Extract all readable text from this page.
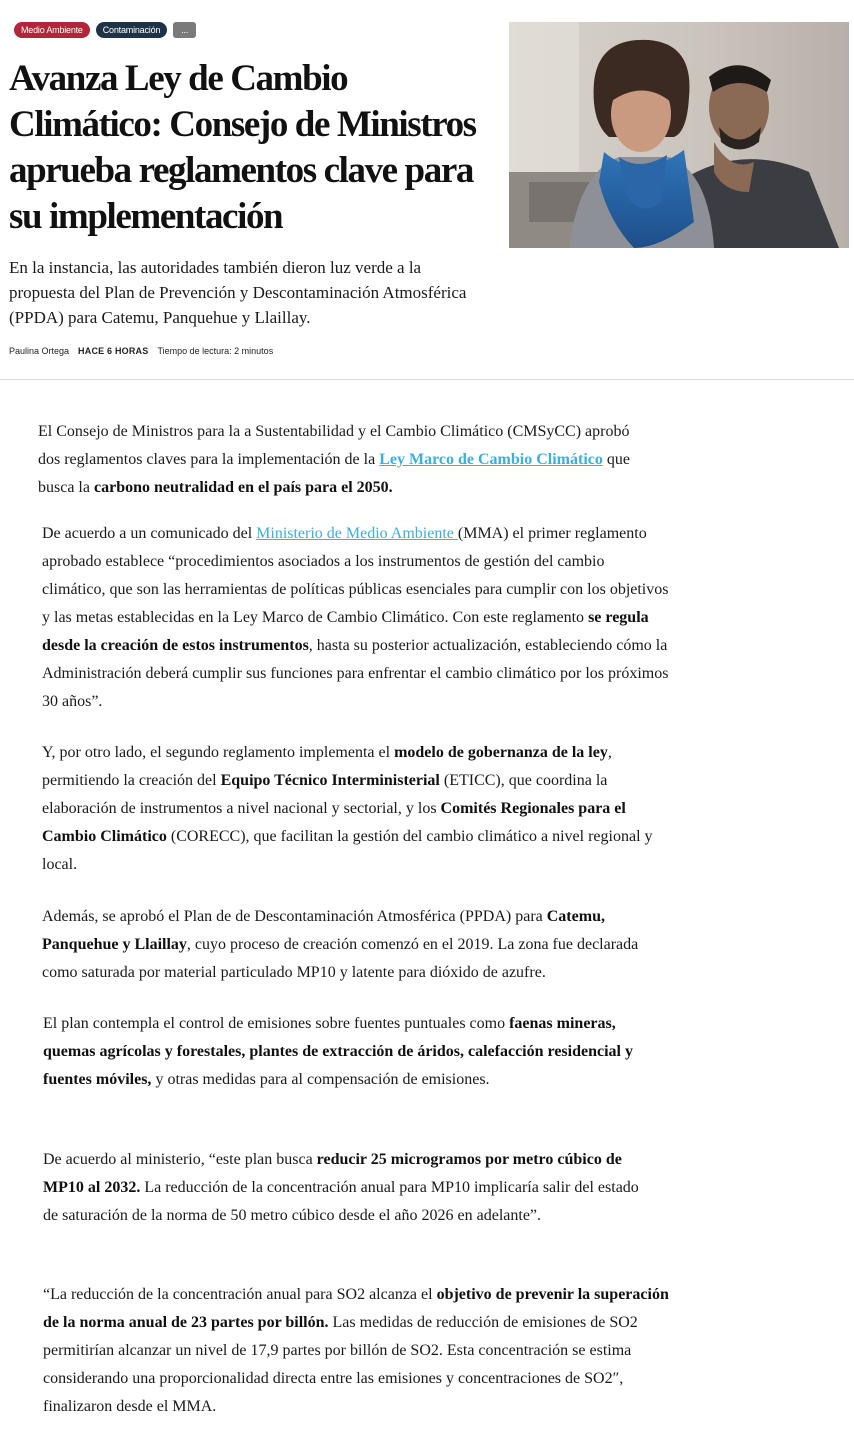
Medio Ambiente	Contaminación	...
Avanza Ley de Cambio Climático: Consejo de Ministros aprueba reglamentos clave para su implementación

En la instancia, las autoridades también dieron luz verde a la propuesta del Plan de Prevención y Descontaminación Atmosférica (PPDA) para Catemu, Panquehue y Llaillay.

Paulina Ortega HACE 6 HORAS Tiempo de lectura: 2 minutos

El Consejo de Ministros para la a Sustentabilidad y el Cambio Climático (CMSyCC) aprobó dos reglamentos claves para la implementación de la Ley Marco de Cambio Climático que busca la carbono neutralidad en el país para el 2050.

De acuerdo a un comunicado del Ministerio de Medio Ambiente (MMA) el primer reglamento aprobado establece “procedimientos asociados a los instrumentos de gestión del cambio climático, que son las herramientas de políticas públicas esenciales para cumplir con los objetivos y las metas establecidas en la Ley Marco de Cambio Climático. Con este reglamento se regula desde la creación de estos instrumentos, hasta su posterior actualización, estableciendo cómo la Administración deberá cumplir sus funciones para enfrentar el cambio climático por los próximos 30 años”.

Y, por otro lado, el segundo reglamento implementa el modelo de gobernanza de la ley, permitiendo la creación del Equipo Técnico Interministerial (ETICC), que coordina la elaboración de instrumentos a nivel nacional y sectorial, y los Comités Regionales para el Cambio Climático (CORECC), que facilitan la gestión del cambio climático a nivel regional y local.

Además, se aprobó el Plan de de Descontaminación Atmosférica (PPDA) para Catemu, Panquehue y Llaillay, cuyo proceso de creación comenzó en el 2019. La zona fue declarada como saturada por material particulado MP10 y latente para dióxido de azufre.

El plan contempla el control de emisiones sobre fuentes puntuales como faenas mineras, quemas agrícolas y forestales, plantes de extracción de áridos, calefacción residencial y fuentes móviles, y otras medidas para al compensación de emisiones.

De acuerdo al ministerio, “este plan busca reducir 25 microgramos por metro cúbico de MP10 al 2032. La reducción de la concentración anual para MP10 implicaría salir del estado de saturación de la norma de 50 metro cúbico desde el año 2026 en adelante”.

“La reducción de la concentración anual para SO2 alcanza el objetivo de prevenir la superación de la norma anual de 23 partes por billón. Las medidas de reducción de emisiones de SO2 permitirían alcanzar un nivel de 17,9 partes por billón de SO2. Esta concentración se estima considerando una proporcionalidad directa entre las emisiones y concentraciones de SO2″, finalizaron desde el MMA.
